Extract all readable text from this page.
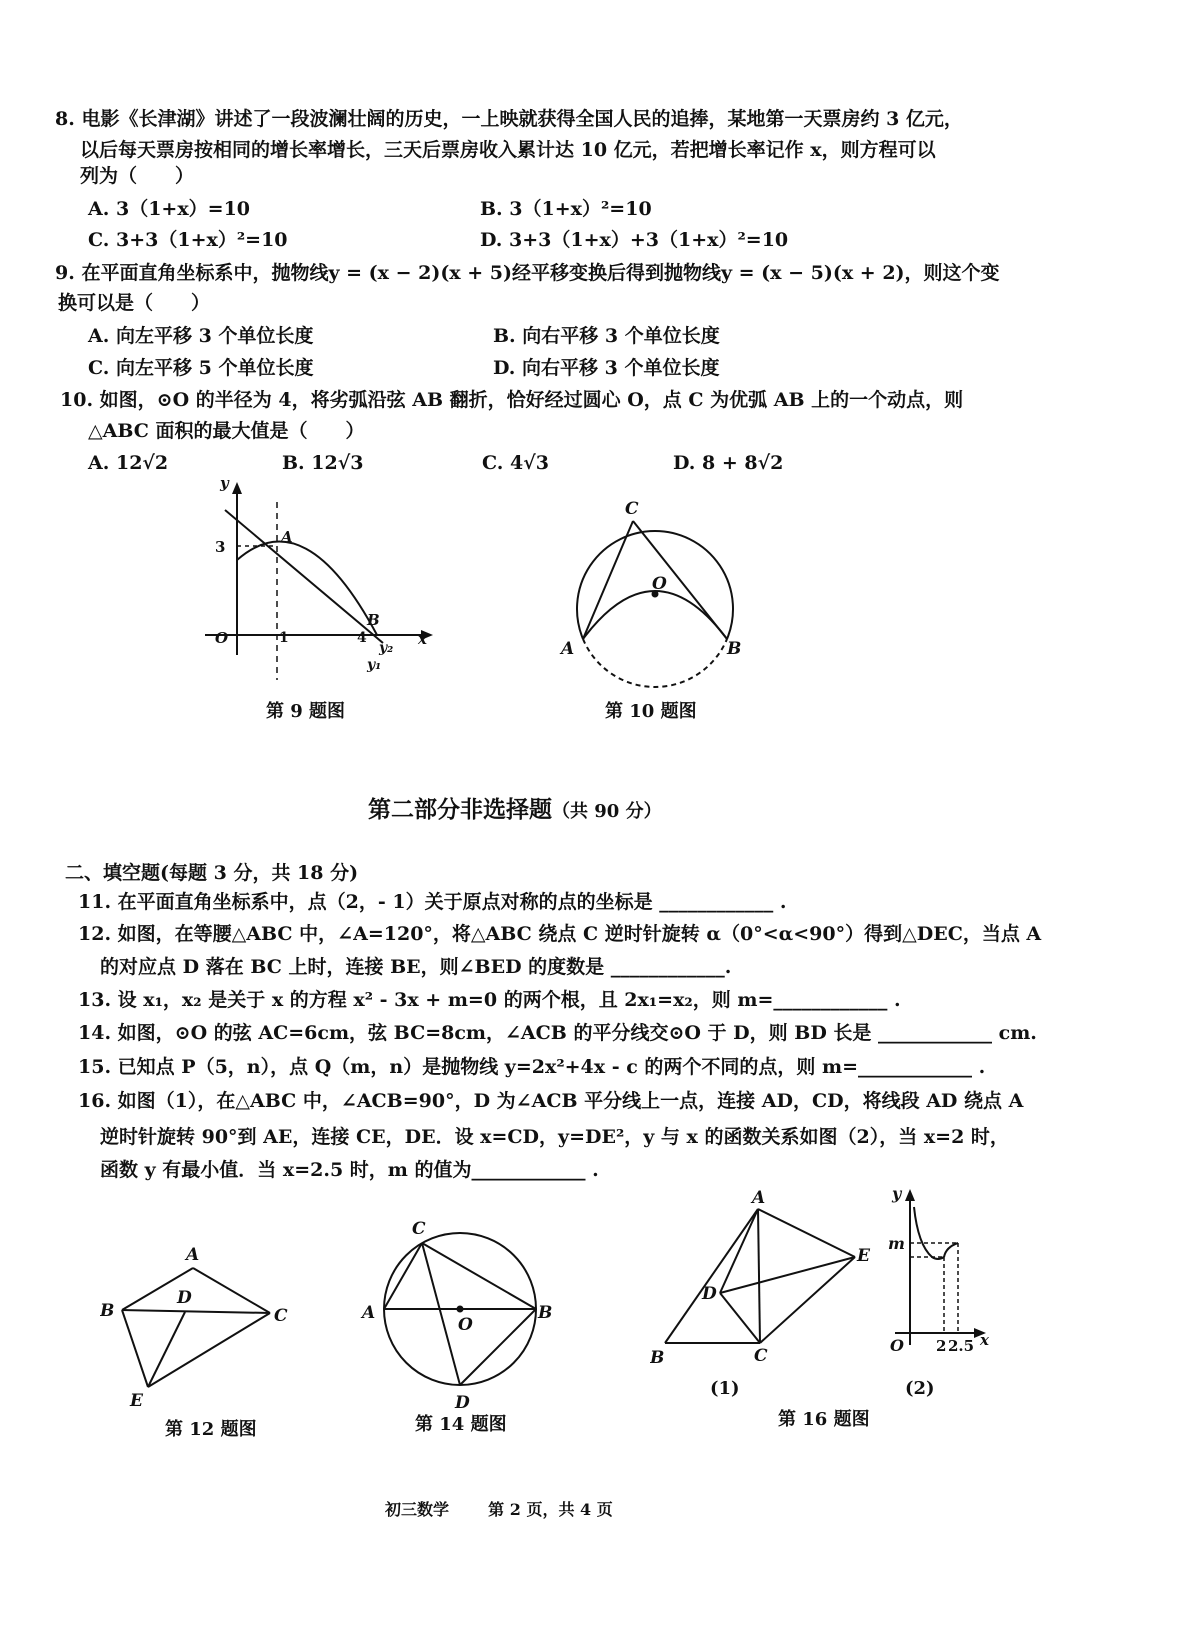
8. 电影《长津湖》讲述了一段波澜壮阔的历史，一上映就获得全国人民的追捧，某地第一天票房约 3 亿元，
以后每天票房按相同的增长率增长，三天后票房收入累计达 10 亿元，若把增长率记作 x，则方程可以
列为（　　）
A. 3（1+x）=10	B. 3（1+x）²=10
C. 3+3（1+x）²=10	D. 3+3（1+x）+3（1+x）²=10
9. 在平面直角坐标系中，抛物线y = (x − 2)(x + 5)经平移变换后得到抛物线y = (x − 5)(x + 2)，则这个变
换可以是（　　）
A. 向左平移 3 个单位长度	B. 向右平移 3 个单位长度
C. 向左平移 5 个单位长度	D. 向右平移 3 个单位长度
10. 如图，⊙O 的半径为 4，将劣弧沿弦 AB 翻折，恰好经过圆心 O，点 C 为优弧 AB 上的一个动点，则
△ABC 面积的最大值是（　　）
A. 12√2	B. 12√3	C. 4√3	D. 8 + 8√2
y
3
O
A
1	4
B
y₂
y₁
x
第 9 题图
C
O
A	B
第 10 题图
第二部分非选择题（共 90 分）
二、填空题(每题 3 分，共 18 分)
11. 在平面直角坐标系中，点（2，- 1）关于原点对称的点的坐标是 ____________ .
12. 如图，在等腰△ABC 中，∠A=120°，将△ABC 绕点 C 逆时针旋转 α（0°<α<90°）得到△DEC，当点 A
的对应点 D 落在 BC 上时，连接 BE，则∠BED 的度数是 ____________.
13. 设 x₁，x₂ 是关于 x 的方程 x² - 3x + m=0 的两个根，且 2x₁=x₂，则 m=____________ .
14. 如图，⊙O 的弦 AC=6cm，弦 BC=8cm，∠ACB 的平分线交⊙O 于 D，则 BD 长是 ____________ cm.
15. 已知点 P（5，n），点 Q（m，n）是抛物线 y=2x²+4x - c 的两个不同的点，则 m=____________ .
16. 如图（1），在△ABC 中，∠ACB=90°，D 为∠ACB 平分线上一点，连接 AD，CD，将线段 AD 绕点 A
逆时针旋转 90°到 AE，连接 CE，DE．设 x=CD，y=DE²，y 与 x 的函数关系如图（2），当 x=2 时，
函数 y 有最小值．当 x=2.5 时，m 的值为____________ .
A
B
D
C
E
第 12 题图
C
A	B
O
D
第 14 题图
A
E
D
B	C
(1)
y
m
O 2 2.5 x
(2)
第 16 题图
初三数学 第 2 页，共 4 页
